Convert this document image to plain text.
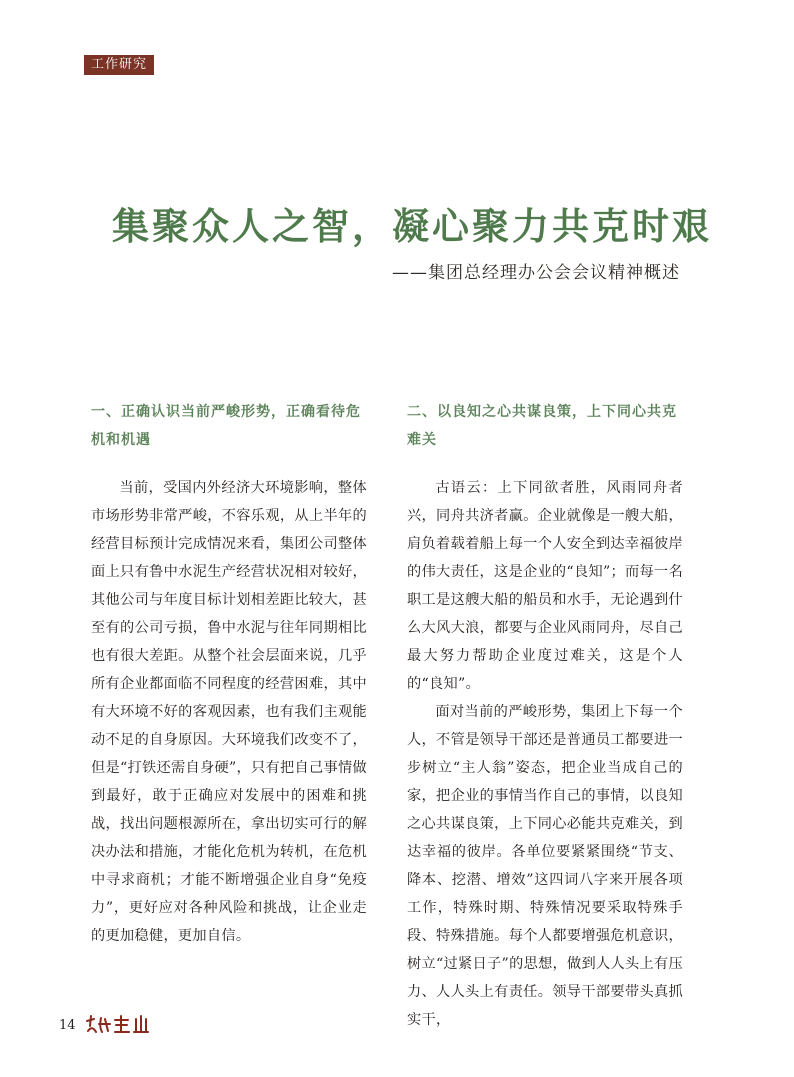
工作研究
集聚众人之智，凝心聚力共克时艰
——集团总经理办公会会议精神概述

一、正确认识当前严峻形势，正确看待危机和机遇

当前，受国内外经济大环境影响，整体市场形势非常严峻，不容乐观，从上半年的经营目标预计完成情况来看，集团公司整体面上只有鲁中水泥生产经营状况相对较好，其他公司与年度目标计划相差距比较大，甚至有的公司亏损，鲁中水泥与往年同期相比也有很大差距。从整个社会层面来说，几乎所有企业都面临不同程度的经营困难，其中有大环境不好的客观因素，也有我们主观能动不足的自身原因。大环境我们改变不了，但是“打铁还需自身硬”，只有把自己事情做到最好，敢于正确应对发展中的困难和挑战，找出问题根源所在，拿出切实可行的解决办法和措施，才能化危机为转机，在危机中寻求商机；才能不断增强企业自身“免疫力”，更好应对各种风险和挑战，让企业走的更加稳健，更加自信。

二、以良知之心共谋良策，上下同心共克难关

古语云：上下同欲者胜，风雨同舟者兴，同舟共济者赢。企业就像是一艘大船，肩负着载着船上每一个人安全到达幸福彼岸的伟大责任，这是企业的“良知”；而每一名职工是这艘大船的船员和水手，无论遇到什么大风大浪，都要与企业风雨同舟，尽自己最大努力帮助企业度过难关，这是个人的“良知”。

面对当前的严峻形势，集团上下每一个人，不管是领导干部还是普通员工都要进一步树立“主人翁”姿态，把企业当成自己的家，把企业的事情当作自己的事情，以良知之心共谋良策，上下同心必能共克难关，到达幸福的彼岸。各单位要紧紧围绕“节支、降本、挖潜、增效”这四词八字来开展各项工作，特殊时期、特殊情况要采取特殊手段、特殊措施。每个人都要增强危机意识，树立“过紧日子”的思想，做到人人头上有压力、人人头上有责任。领导干部要带头真抓实干，

14
